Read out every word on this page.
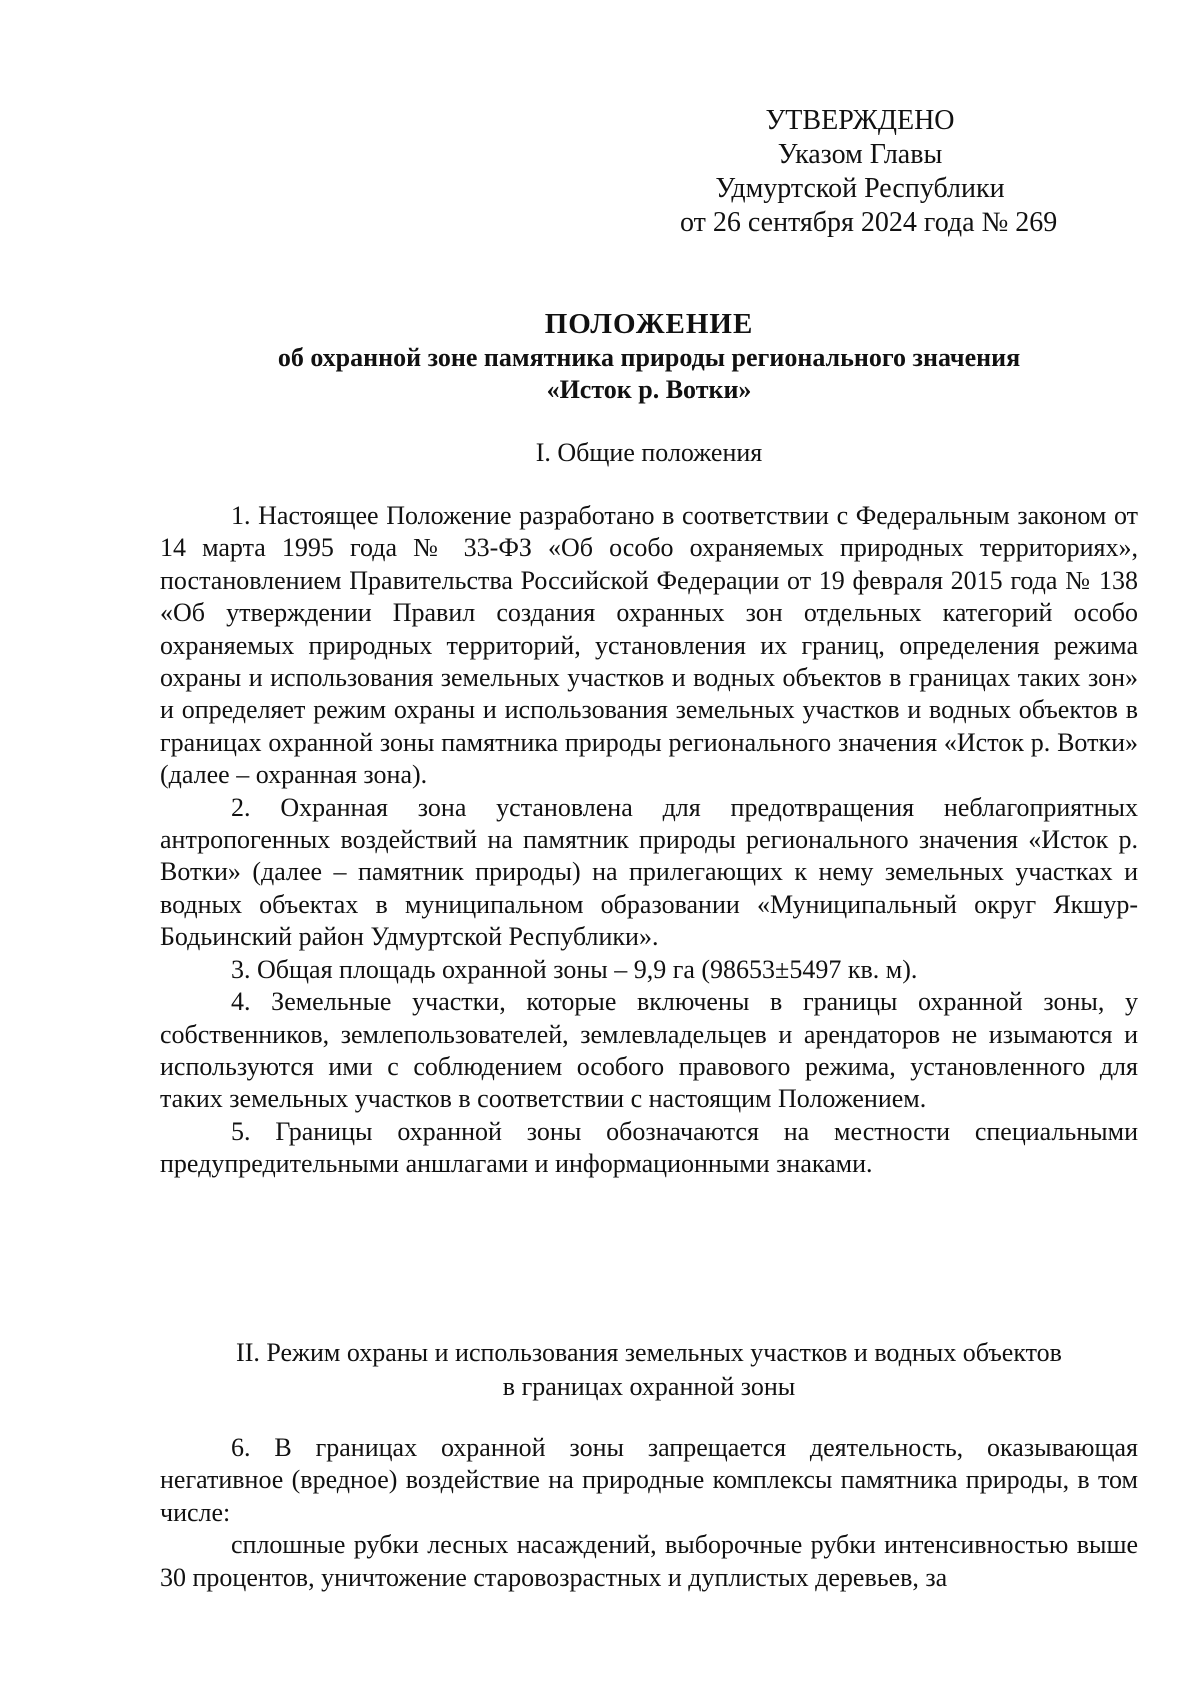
УТВЕРЖДЕНО
Указом Главы
Удмуртской Республики
от 26 сентября 2024 года № 269
ПОЛОЖЕНИЕ
об охранной зоне памятника природы регионального значения
«Исток р. Вотки»
I. Общие положения

1. Настоящее Положение разработано в соответствии с Федеральным законом от 14 марта 1995 года № 33-ФЗ «Об особо охраняемых природных территориях», постановлением Правительства Российской Федерации от 19 февраля 2015 года № 138 «Об утверждении Правил создания охранных зон отдельных категорий особо охраняемых природных территорий, установления их границ, определения режима охраны и использования земельных участков и водных объектов в границах таких зон» и определяет режим охраны и использования земельных участков и водных объектов в границах охранной зоны памятника природы регионального значения «Исток р. Вотки» (далее – охранная зона).

2. Охранная зона установлена для предотвращения неблагоприятных антропогенных воздействий на памятник природы регионального значения «Исток р. Вотки» (далее – памятник природы) на прилегающих к нему земельных участках и водных объектах в муниципальном образовании «Муниципальный округ Якшур-Бодьинский район Удмуртской Республики».

3. Общая площадь охранной зоны – 9,9 га (98653±5497 кв. м).

4. Земельные участки, которые включены в границы охранной зоны, у собственников, землепользователей, землевладельцев и арендаторов не изымаются и используются ими с соблюдением особого правового режима, установленного для таких земельных участков в соответствии с настоящим Положением.

5. Границы охранной зоны обозначаются на местности специальными предупредительными аншлагами и информационными знаками.

II. Режим охраны и использования земельных участков и водных объектов
в границах охранной зоны

6. В границах охранной зоны запрещается деятельность, оказывающая негативное (вредное) воздействие на природные комплексы памятника природы, в том числе:

сплошные рубки лесных насаждений, выборочные рубки интенсивностью выше 30 процентов, уничтожение старовозрастных и дуплистых деревьев, за
